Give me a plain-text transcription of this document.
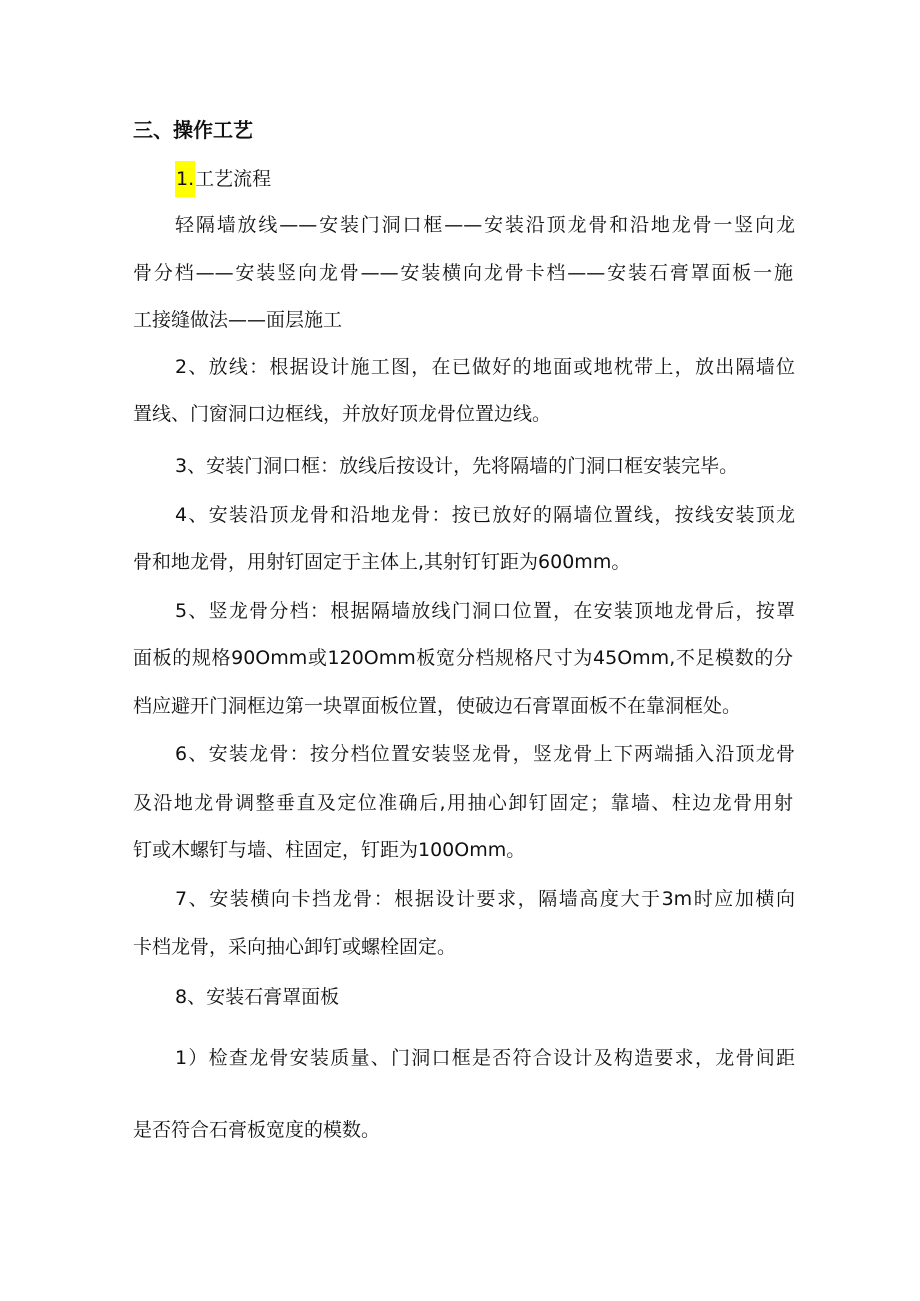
三、操作工艺
1.工艺流程
轻隔墙放线——安装门洞口框——安装沿顶龙骨和沿地龙骨一竖向龙
骨分档——安装竖向龙骨——安装横向龙骨卡档——安装石膏罩面板一施
工接缝做法——面层施工
2、放线：根据设计施工图，在已做好的地面或地枕带上，放出隔墙位
置线、门窗洞口边框线，并放好顶龙骨位置边线。
3、安装门洞口框：放线后按设计，先将隔墙的门洞口框安装完毕。
4、安装沿顶龙骨和沿地龙骨：按已放好的隔墙位置线，按线安装顶龙
骨和地龙骨，用射钉固定于主体上,其射钉钉距为600mm。
5、竖龙骨分档：根据隔墙放线门洞口位置，在安装顶地龙骨后，按罩
面板的规格90Omm或120Omm板宽分档规格尺寸为45Omm,不足模数的分
档应避开门洞框边第一块罩面板位置，使破边石膏罩面板不在靠洞框处。
6、安装龙骨：按分档位置安装竖龙骨，竖龙骨上下两端插入沿顶龙骨
及沿地龙骨调整垂直及定位准确后,用抽心卸钉固定；靠墙、柱边龙骨用射
钉或木螺钉与墙、柱固定，钉距为100Omm。
7、安装横向卡挡龙骨：根据设计要求，隔墙高度大于3m时应加横向
卡档龙骨，采向抽心卸钉或螺栓固定。
8、安装石膏罩面板
1）检查龙骨安装质量、门洞口框是否符合设计及构造要求，龙骨间距
是否符合石膏板宽度的模数。
